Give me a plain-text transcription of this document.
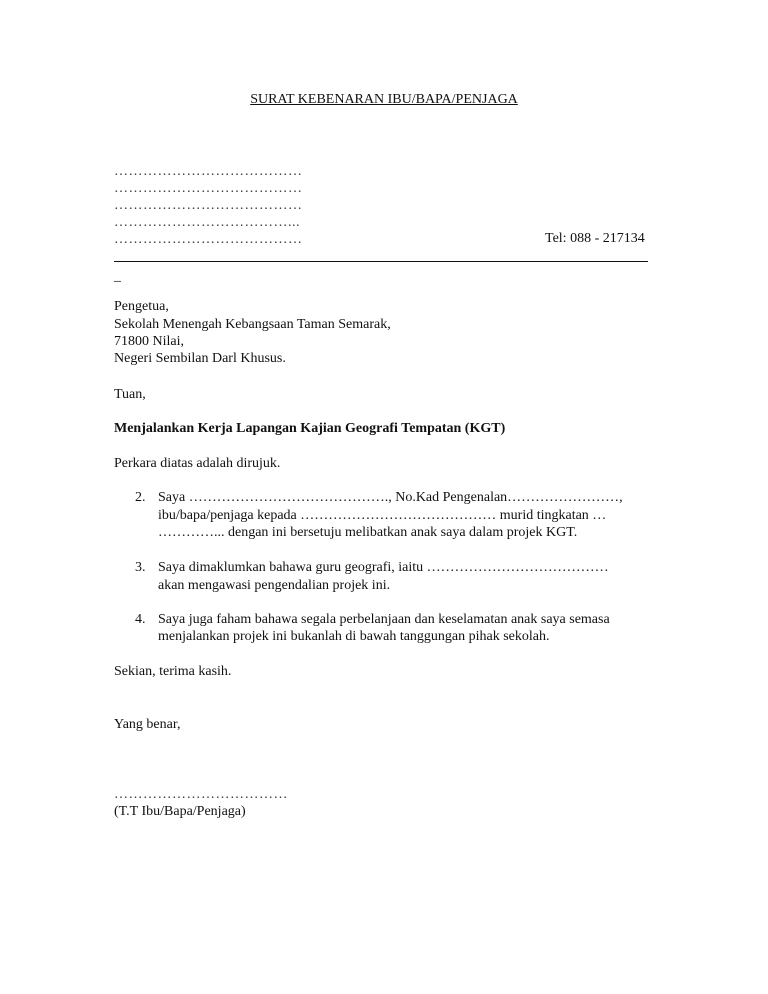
SURAT KEBENARAN IBU/BAPA/PENJAGA
…………………………………
…………………………………
…………………………………
………………………………...
…………………………………	Tel: 088 - 217134
_
Pengetua,
Sekolah Menengah Kebangsaan Taman Semarak,
71800 Nilai,
Negeri Sembilan Darl Khusus.
Tuan,
Menjalankan Kerja Lapangan Kajian Geografi Tempatan (KGT)
Perkara diatas adalah dirujuk.
2. Saya ……………………………………., No.Kad Pengenalan……………………,
ibu/bapa/penjaga kepada …………………………………… murid tingkatan …
…………... dengan ini bersetuju melibatkan anak saya dalam projek KGT.
3. Saya dimaklumkan bahawa guru geografi, iaitu …………………………………
akan mengawasi pengendalian projek ini.
4. Saya juga faham bahawa segala perbelanjaan dan keselamatan anak saya semasa
menjalankan projek ini bukanlah di bawah tanggungan pihak sekolah.
Sekian, terima kasih.
Yang benar,
………………………………
(T.T Ibu/Bapa/Penjaga)
